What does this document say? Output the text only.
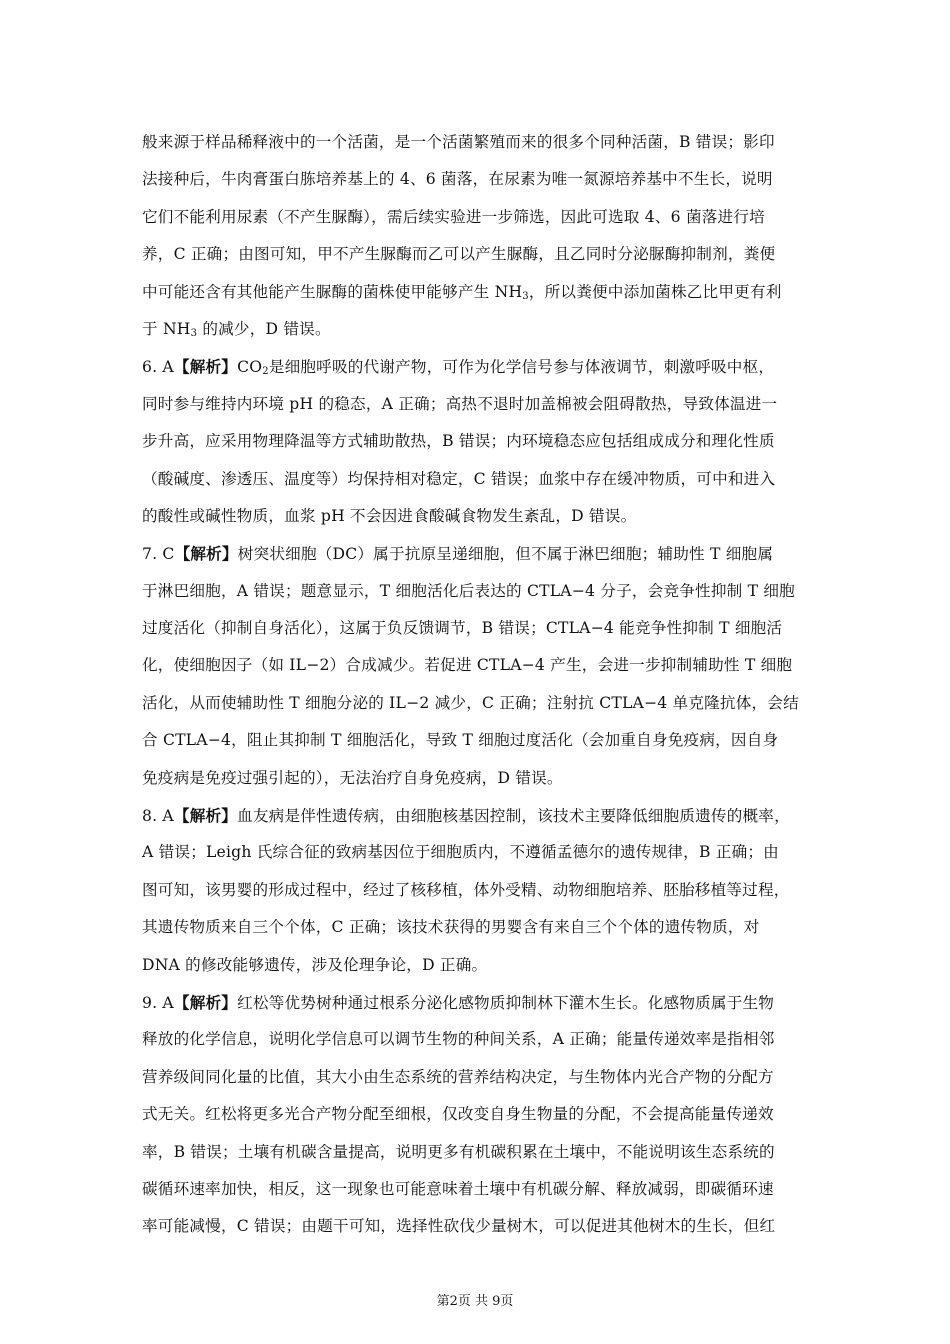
般来源于样品稀释液中的一个活菌，是一个活菌繁殖而来的很多个同种活菌，B 错误；影印
法接种后，牛肉膏蛋白胨培养基上的 4、6 菌落，在尿素为唯一氮源培养基中不生长，说明
它们不能利用尿素（不产生脲酶），需后续实验进一步筛选，因此可选取 4、6 菌落进行培
养，C 正确；由图可知，甲不产生脲酶而乙可以产生脲酶，且乙同时分泌脲酶抑制剂，粪便
中可能还含有其他能产生脲酶的菌株使甲能够产生 $NH_3$，所以粪便中添加菌株乙比甲更有利
于 $NH_3$ 的减少，D 错误。
6. A【解析】$CO_2$是细胞呼吸的代谢产物，可作为化学信号参与体液调节，刺激呼吸中枢，
同时参与维持内环境 pH 的稳态，A 正确；高热不退时加盖棉被会阻碍散热，导致体温进一
步升高，应采用物理降温等方式辅助散热，B 错误；内环境稳态应包括组成成分和理化性质
（酸碱度、渗透压、温度等）均保持相对稳定，C 错误；血浆中存在缓冲物质，可中和进入
的酸性或碱性物质，血浆 pH 不会因进食酸碱食物发生紊乱，D 错误。
7. C【解析】树突状细胞（DC）属于抗原呈递细胞，但不属于淋巴细胞；辅助性 T 细胞属
于淋巴细胞，A 错误；题意显示，T 细胞活化后表达的 CTLA−4 分子，会竞争性抑制 T 细胞
过度活化（抑制自身活化），这属于负反馈调节，B 错误；CTLA−4 能竞争性抑制 T 细胞活
化，使细胞因子（如 IL−2）合成减少。若促进 CTLA−4 产生，会进一步抑制辅助性 T 细胞
活化，从而使辅助性 T 细胞分泌的 IL−2 减少，C 正确；注射抗 CTLA−4 单克隆抗体，会结
合 CTLA−4，阻止其抑制 T 细胞活化，导致 T 细胞过度活化（会加重自身免疫病，因自身
免疫病是免疫过强引起的），无法治疗自身免疫病，D 错误。
8. A【解析】血友病是伴性遗传病，由细胞核基因控制，该技术主要降低细胞质遗传的概率，
A 错误；Leigh 氏综合征的致病基因位于细胞质内，不遵循孟德尔的遗传规律，B 正确；由
图可知，该男婴的形成过程中，经过了核移植，体外受精、动物细胞培养、胚胎移植等过程，
其遗传物质来自三个个体，C 正确；该技术获得的男婴含有来自三个个体的遗传物质，对
DNA 的修改能够遗传，涉及伦理争论，D 正确。
9. A【解析】红松等优势树种通过根系分泌化感物质抑制林下灌木生长。化感物质属于生物
释放的化学信息，说明化学信息可以调节生物的种间关系，A 正确；能量传递效率是指相邻
营养级间同化量的比值，其大小由生态系统的营养结构决定，与生物体内光合产物的分配方
式无关。红松将更多光合产物分配至细根，仅改变自身生物量的分配，不会提高能量传递效
率，B 错误；土壤有机碳含量提高，说明更多有机碳积累在土壤中，不能说明该生态系统的
碳循环速率加快，相反，这一现象也可能意味着土壤中有机碳分解、释放减弱，即碳循环速
率可能减慢，C 错误；由题干可知，选择性砍伐少量树木，可以促进其他树木的生长，但红
第2页 共 9页
